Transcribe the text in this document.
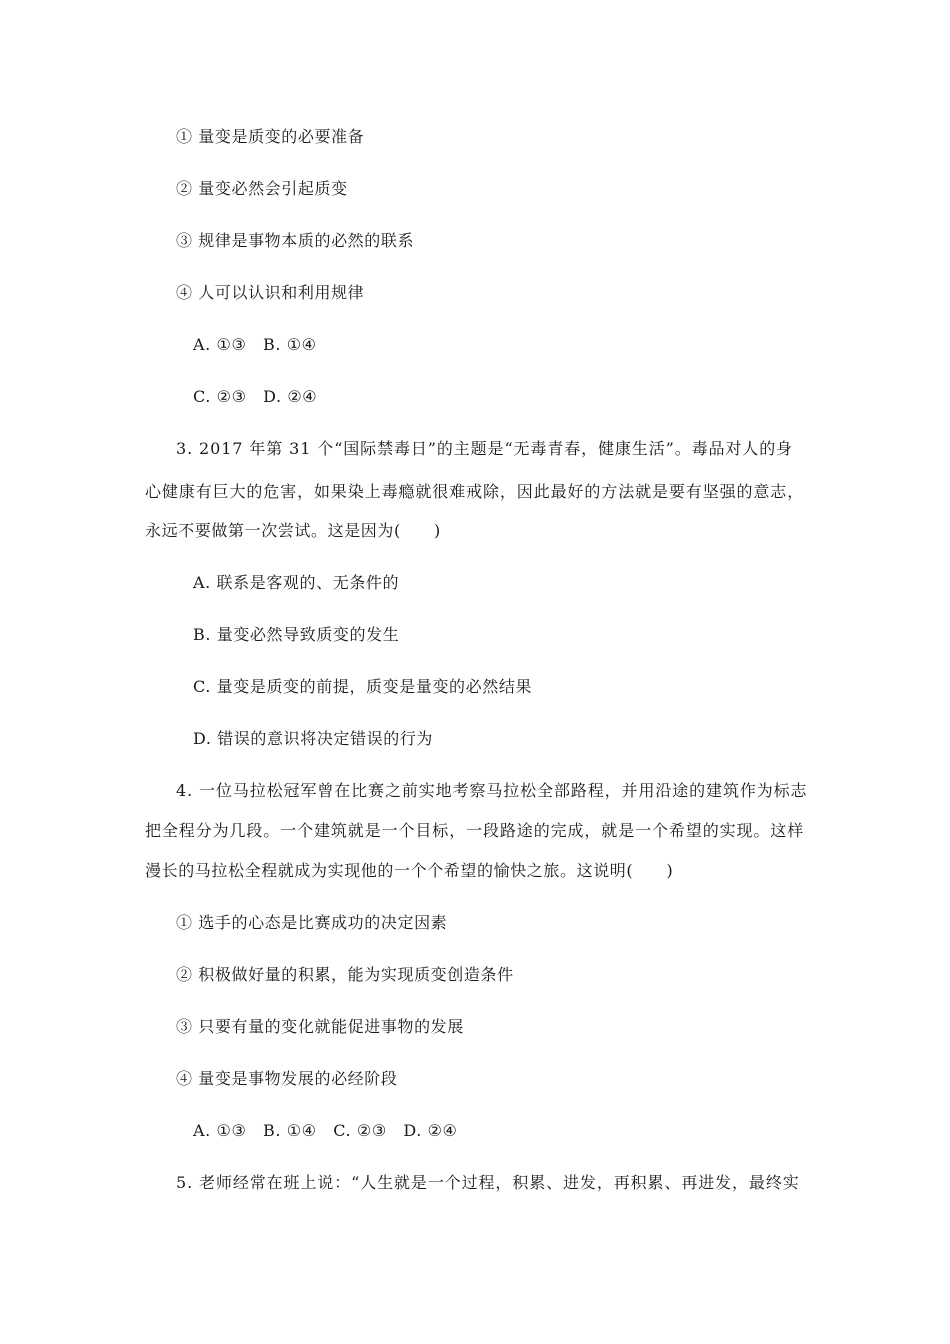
① 量变是质变的必要准备
② 量变必然会引起质变
③ 规律是事物本质的必然的联系
④ 人可以认识和利用规律
A. ①③　B. ①④
C. ②③　D. ②④
3. 2017 年第 31 个“国际禁毒日”的主题是“无毒青春，健康生活”。毒品对人的身
心健康有巨大的危害，如果染上毒瘾就很难戒除，因此最好的方法就是要有坚强的意志，
永远不要做第一次尝试。这是因为(　　)
A. 联系是客观的、无条件的
B. 量变必然导致质变的发生
C. 量变是质变的前提，质变是量变的必然结果
D. 错误的意识将决定错误的行为
4. 一位马拉松冠军曾在比赛之前实地考察马拉松全部路程，并用沿途的建筑作为标志
把全程分为几段。一个建筑就是一个目标，一段路途的完成，就是一个希望的实现。这样
漫长的马拉松全程就成为实现他的一个个希望的愉快之旅。这说明(　　)
① 选手的心态是比赛成功的决定因素
② 积极做好量的积累，能为实现质变创造条件
③ 只要有量的变化就能促进事物的发展
④ 量变是事物发展的必经阶段
A. ①③　B. ①④　C. ②③　D. ②④
5. 老师经常在班上说：“人生就是一个过程，积累、进发，再积累、再进发，最终实
